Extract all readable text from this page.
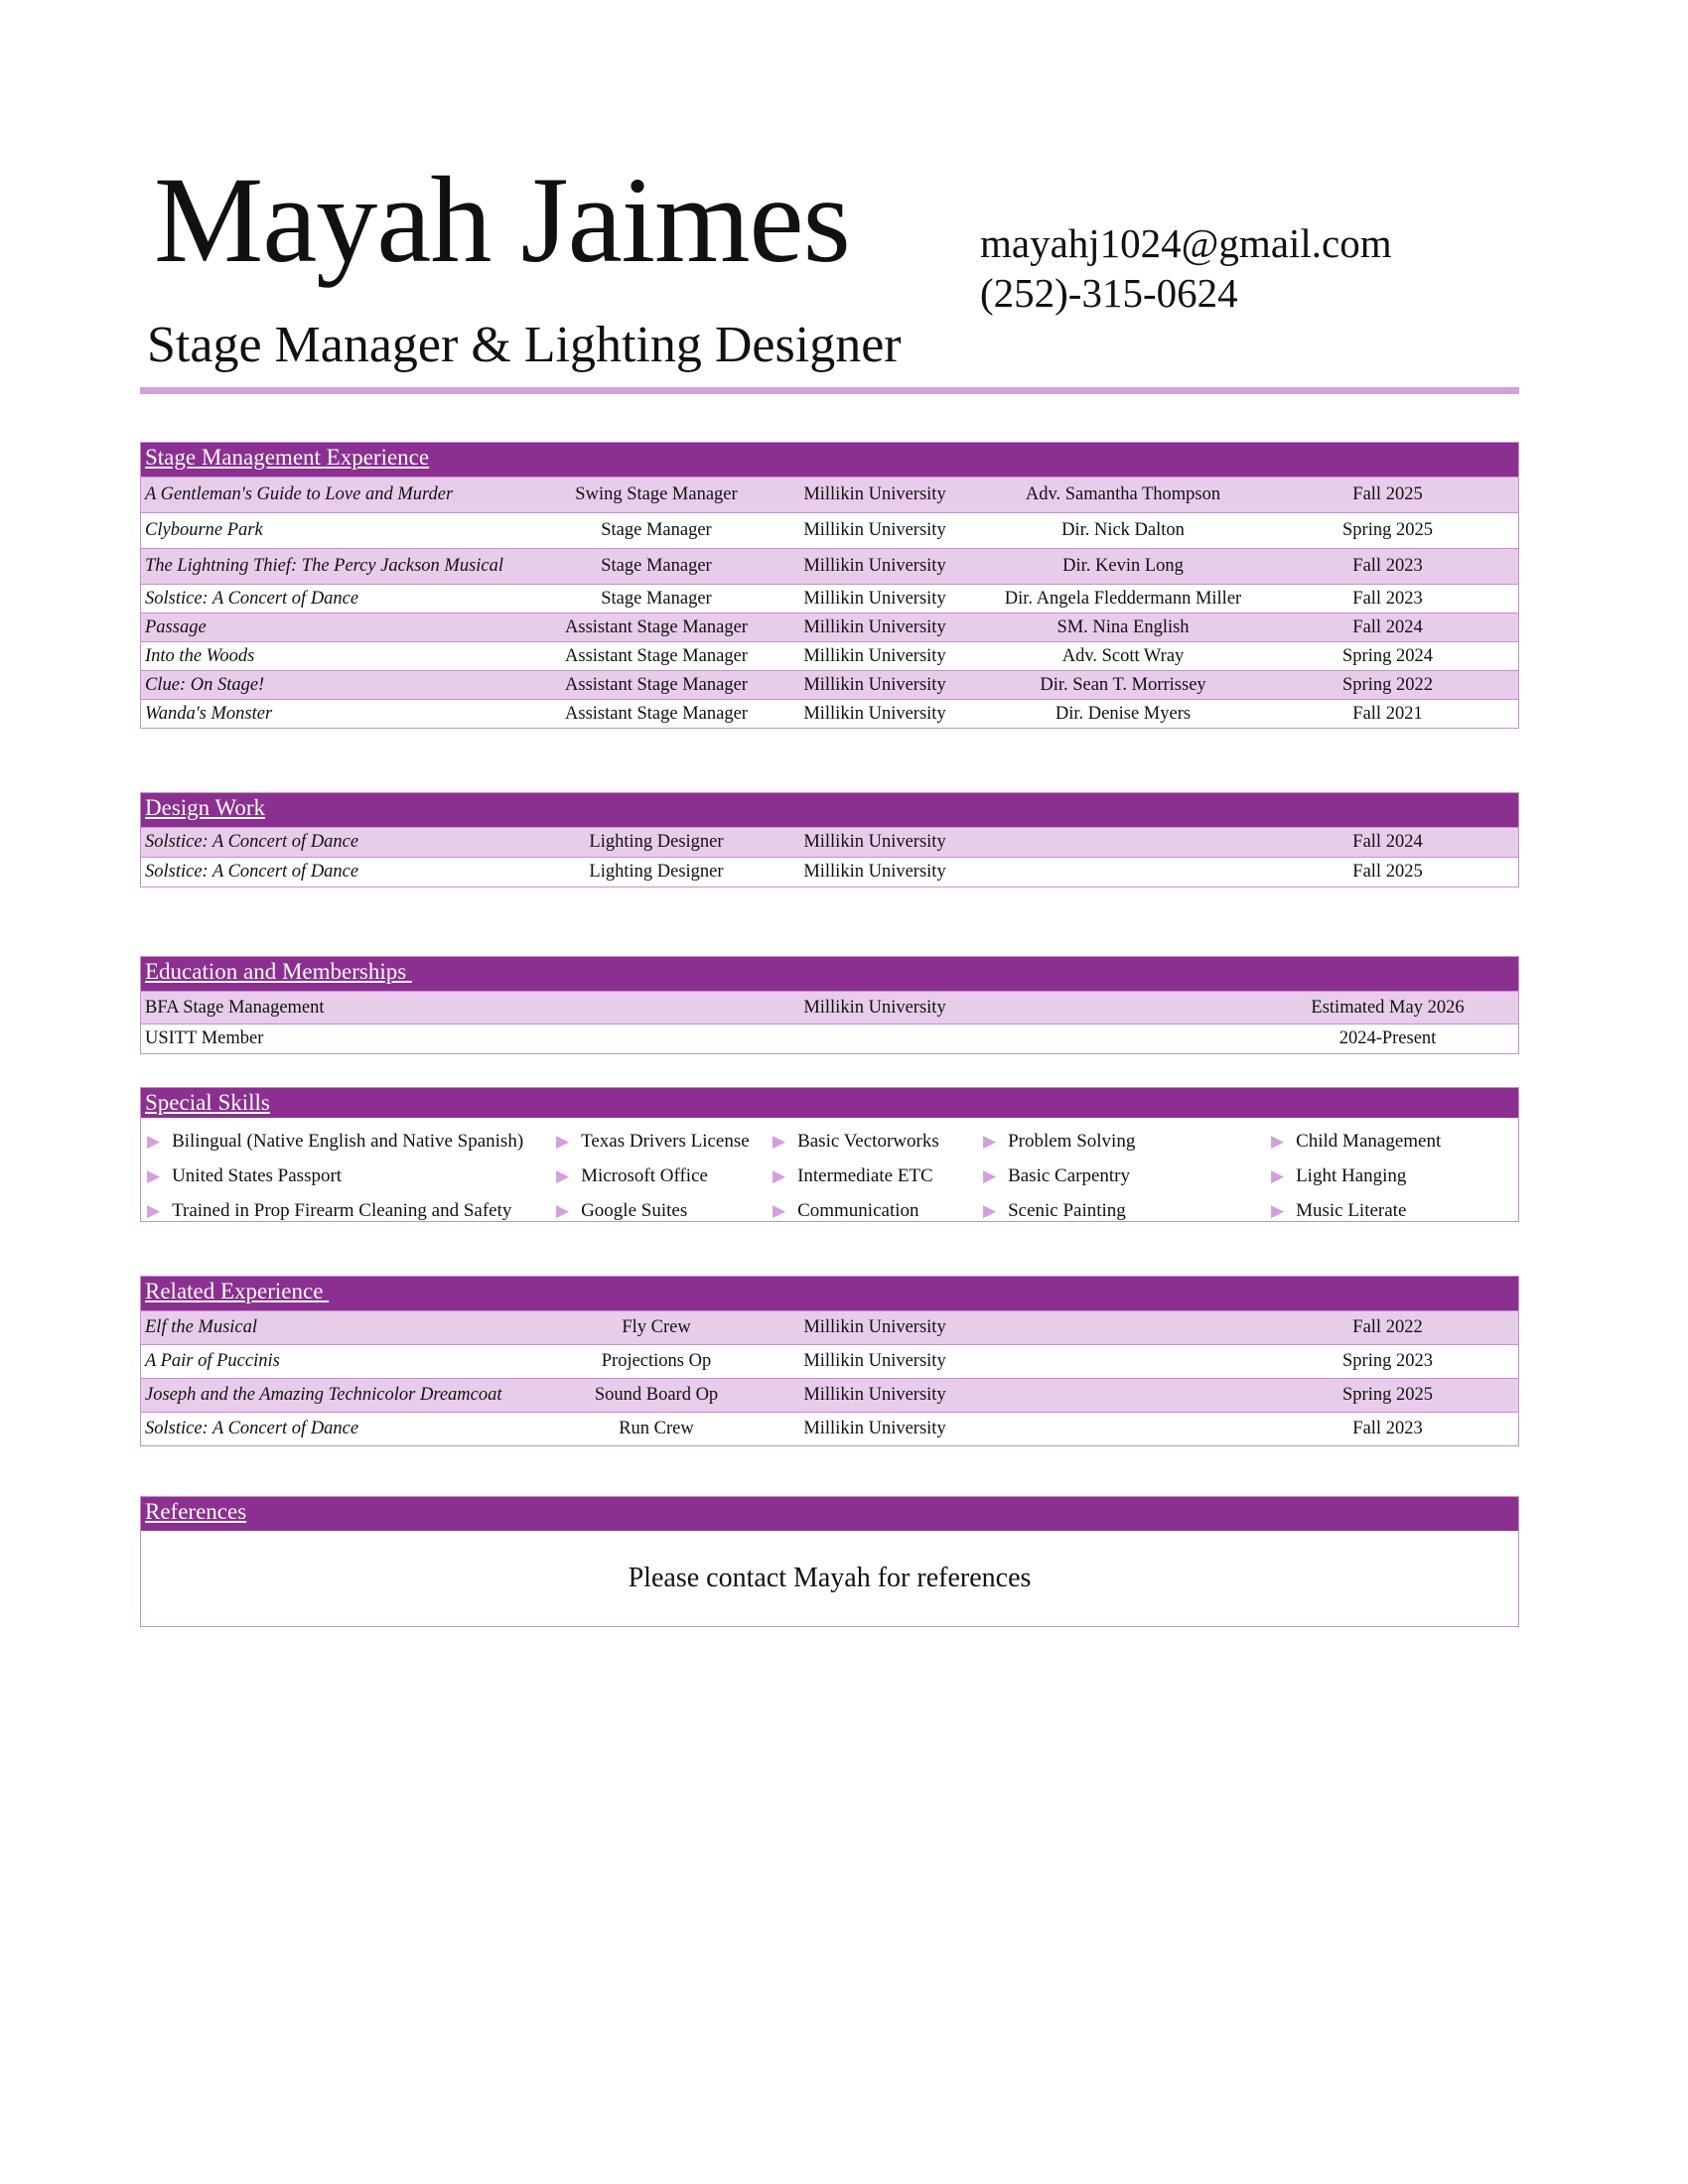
Mayah Jaimes	mayahj1024@gmail.com
(252)-315-0624
Stage Manager & Lighting Designer
Stage Management Experience
A Gentleman's Guide to Love and Murder	Swing Stage Manager	Millikin University	Adv. Samantha Thompson	Fall 2025
Clybourne Park	Stage Manager	Millikin University	Dir. Nick Dalton	Spring 2025
The Lightning Thief: The Percy Jackson Musical	Stage Manager	Millikin University	Dir. Kevin Long	Fall 2023
Solstice: A Concert of Dance	Stage Manager	Millikin University	Dir. Angela Fleddermann Miller	Fall 2023
Passage	Assistant Stage Manager	Millikin University	SM. Nina English	Fall 2024
Into the Woods	Assistant Stage Manager	Millikin University	Adv. Scott Wray	Spring 2024
Clue: On Stage!	Assistant Stage Manager	Millikin University	Dir. Sean T. Morrissey	Spring 2022
Wanda's Monster	Assistant Stage Manager	Millikin University	Dir. Denise Myers	Fall 2021
Design Work
Solstice: A Concert of Dance	Lighting Designer	Millikin University	Fall 2024
Solstice: A Concert of Dance	Lighting Designer	Millikin University	Fall 2025
Education and Memberships
BFA Stage Management	Millikin University	Estimated May 2026
USITT Member	2024-Present
Special Skills
▶ Bilingual (Native English and Native Spanish)
▶ United States Passport
▶ Trained in Prop Firearm Cleaning and Safety
▶ Texas Drivers License
▶ Microsoft Office
▶ Google Suites
▶ Basic Vectorworks
▶ Intermediate ETC
▶ Communication
▶ Problem Solving
▶ Basic Carpentry
▶ Scenic Painting
▶ Child Management
▶ Light Hanging
▶ Music Literate
Related Experience
Elf the Musical	Fly Crew	Millikin University	Fall 2022
A Pair of Puccinis	Projections Op	Millikin University	Spring 2023
Joseph and the Amazing Technicolor Dreamcoat	Sound Board Op	Millikin University	Spring 2025
Solstice: A Concert of Dance	Run Crew	Millikin University	Fall 2023
References
Please contact Mayah for references
